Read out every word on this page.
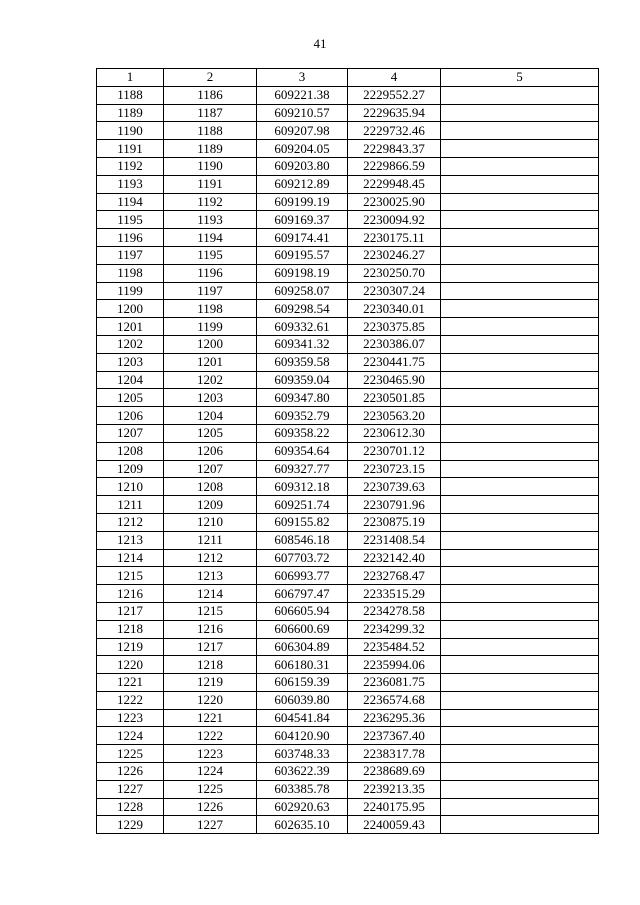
41
1	2	3	4	5
1188	1186	609221.38	2229552.27	
1189	1187	609210.57	2229635.94	
1190	1188	609207.98	2229732.46	
1191	1189	609204.05	2229843.37	
1192	1190	609203.80	2229866.59	
1193	1191	609212.89	2229948.45	
1194	1192	609199.19	2230025.90	
1195	1193	609169.37	2230094.92	
1196	1194	609174.41	2230175.11	
1197	1195	609195.57	2230246.27	
1198	1196	609198.19	2230250.70	
1199	1197	609258.07	2230307.24	
1200	1198	609298.54	2230340.01	
1201	1199	609332.61	2230375.85	
1202	1200	609341.32	2230386.07	
1203	1201	609359.58	2230441.75	
1204	1202	609359.04	2230465.90	
1205	1203	609347.80	2230501.85	
1206	1204	609352.79	2230563.20	
1207	1205	609358.22	2230612.30	
1208	1206	609354.64	2230701.12	
1209	1207	609327.77	2230723.15	
1210	1208	609312.18	2230739.63	
1211	1209	609251.74	2230791.96	
1212	1210	609155.82	2230875.19	
1213	1211	608546.18	2231408.54	
1214	1212	607703.72	2232142.40	
1215	1213	606993.77	2232768.47	
1216	1214	606797.47	2233515.29	
1217	1215	606605.94	2234278.58	
1218	1216	606600.69	2234299.32	
1219	1217	606304.89	2235484.52	
1220	1218	606180.31	2235994.06	
1221	1219	606159.39	2236081.75	
1222	1220	606039.80	2236574.68	
1223	1221	604541.84	2236295.36	
1224	1222	604120.90	2237367.40	
1225	1223	603748.33	2238317.78	
1226	1224	603622.39	2238689.69	
1227	1225	603385.78	2239213.35	
1228	1226	602920.63	2240175.95	
1229	1227	602635.10	2240059.43	
